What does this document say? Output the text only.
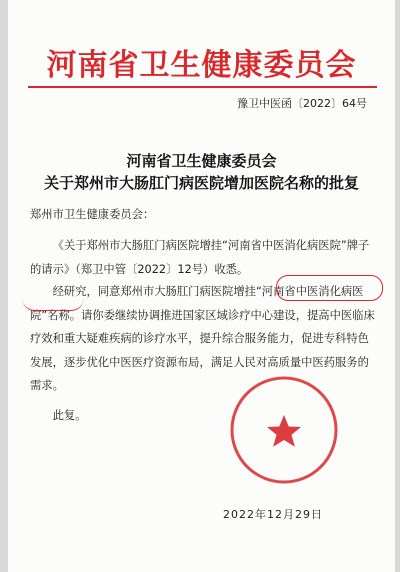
河南省卫生健康委员会
豫卫中医函〔2022〕64号
河南省卫生健康委员会
关于郑州市大肠肛门病医院增加医院名称的批复
郑州市卫生健康委员会：
《关于郑州市大肠肛门病医院增挂“河南省中医消化病医院”牌子的请示》（郑卫中管〔2022〕12号）收悉。
经研究，同意郑州市大肠肛门病医院增挂“河南省中医消化病医院”名称。请你委继续协调推进国家区域诊疗中心建设，提高中医临床疗效和重大疑难疾病的诊疗水平，提升综合服务能力，促进专科特色发展，逐步优化中医医疗资源布局，满足人民对高质量中医药服务的需求。
此复。
2022年12月29日
